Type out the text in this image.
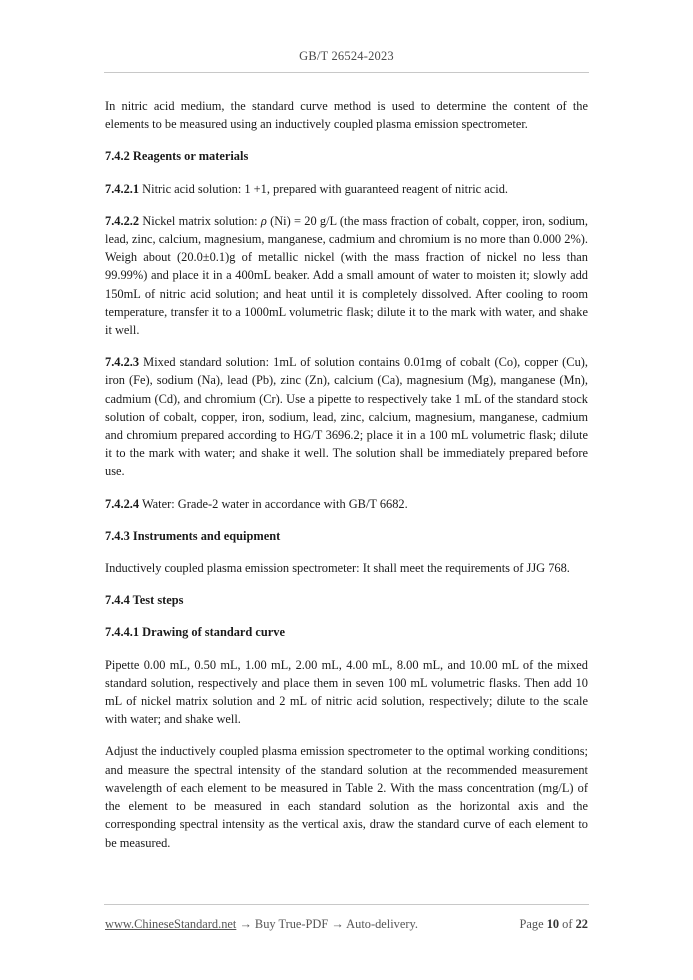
GB/T 26524-2023

In nitric acid medium, the standard curve method is used to determine the content of the elements to be measured using an inductively coupled plasma emission spectrometer.

7.4.2 Reagents or materials

7.4.2.1 Nitric acid solution: 1 +1, prepared with guaranteed reagent of nitric acid.

7.4.2.2 Nickel matrix solution: ρ (Ni) = 20 g/L (the mass fraction of cobalt, copper, iron, sodium, lead, zinc, calcium, magnesium, manganese, cadmium and chromium is no more than 0.000 2%). Weigh about (20.0±0.1)g of metallic nickel (with the mass fraction of nickel no less than 99.99%) and place it in a 400mL beaker. Add a small amount of water to moisten it; slowly add 150mL of nitric acid solution; and heat until it is completely dissolved. After cooling to room temperature, transfer it to a 1000mL volumetric flask; dilute it to the mark with water, and shake it well.

7.4.2.3 Mixed standard solution: 1mL of solution contains 0.01mg of cobalt (Co), copper (Cu), iron (Fe), sodium (Na), lead (Pb), zinc (Zn), calcium (Ca), magnesium (Mg), manganese (Mn), cadmium (Cd), and chromium (Cr). Use a pipette to respectively take 1 mL of the standard stock solution of cobalt, copper, iron, sodium, lead, zinc, calcium, magnesium, manganese, cadmium and chromium prepared according to HG/T 3696.2; place it in a 100 mL volumetric flask; dilute it to the mark with water; and shake it well. The solution shall be immediately prepared before use.

7.4.2.4 Water: Grade-2 water in accordance with GB/T 6682.

7.4.3 Instruments and equipment

Inductively coupled plasma emission spectrometer: It shall meet the requirements of JJG 768.

7.4.4 Test steps
7.4.4.1 Drawing of standard curve

Pipette 0.00 mL, 0.50 mL, 1.00 mL, 2.00 mL, 4.00 mL, 8.00 mL, and 10.00 mL of the mixed standard solution, respectively and place them in seven 100 mL volumetric flasks. Then add 10 mL of nickel matrix solution and 2 mL of nitric acid solution, respectively; dilute to the scale with water; and shake well.

Adjust the inductively coupled plasma emission spectrometer to the optimal working conditions; and measure the spectral intensity of the standard solution at the recommended measurement wavelength of each element to be measured in Table 2. With the mass concentration (mg/L) of the element to be measured in each standard solution as the horizontal axis and the corresponding spectral intensity as the vertical axis, draw the standard curve of each element to be measured.

www.ChineseStandard.net → Buy True-PDF → Auto-delivery.	Page 10 of 22
